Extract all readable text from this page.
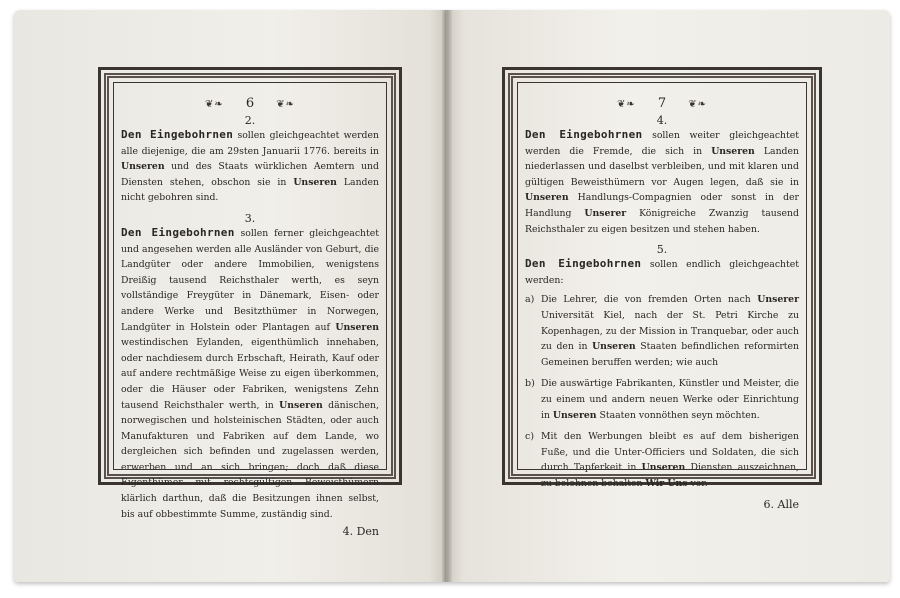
❦❧ 6 ❦❧
2.

Den Eingebohrnen sollen gleichgeachtet werden alle diejenige, die am 29sten Januarii 1776. bereits in Unseren und des Staats würklichen Aemtern und Diensten stehen, obschon sie in Unseren Landen nicht gebohren sind.

3.

Den Eingebohrnen sollen ferner gleichgeachtet und angesehen werden alle Ausländer von Geburt, die Landgüter oder andere Immobilien, wenigstens Dreißig tausend Reichsthaler werth, es seyn vollständige Freygüter in Dänemark, Eisen- oder andere Werke und Besitzthümer in Norwegen, Landgüter in Holstein oder Plantagen auf Unseren westindischen Eylanden, eigenthümlich innehaben, oder nachdiesem durch Erbschaft, Heirath, Kauf oder auf andere rechtmäßige Weise zu eigen überkommen, oder die Häuser oder Fabriken, wenigstens Zehn tausend Reichsthaler werth, in Unseren dänischen, norwegischen und holsteinischen Städten, oder auch Manufakturen und Fabriken auf dem Lande, wo dergleichen sich befinden und zugelassen werden, erwerben und an sich bringen; doch daß diese Eigenthümer mit rechtsgültigen Beweisthümern klärlich darthun, daß die Besitzungen ihnen selbst, bis auf obbestimmte Summe, zuständig sind.

4. Den
❦❧ 7 ❦❧
4.

Den Eingebohrnen sollen weiter gleichgeachtet werden die Fremde, die sich in Unseren Landen niederlassen und daselbst verbleiben, und mit klaren und gültigen Beweisthümern vor Augen legen, daß sie in Unseren Handlungs-Compagnien oder sonst in der Handlung Unserer Königreiche Zwanzig tausend Reichsthaler zu eigen besitzen und stehen haben.

5.

Den Eingebohrnen sollen endlich gleichgeachtet werden:

a) Die Lehrer, die von fremden Orten nach Unserer Universität Kiel, nach der St. Petri Kirche zu Kopenhagen, zu der Mission in Tranquebar, oder auch zu den in Unseren Staaten befindlichen reformirten Gemeinen beruffen werden; wie auch
b) Die auswärtige Fabrikanten, Künstler und Meister, die zu einem und andern neuen Werke oder Einrichtung in Unseren Staaten vonnöthen seyn möchten.
c) Mit den Werbungen bleibt es auf dem bisherigen Fuße, und die Unter-Officiers und Soldaten, die sich durch Tapferkeit in Unseren Diensten auszeichnen, zu belohnen behalten Wir Uns vor.
6. Alle
